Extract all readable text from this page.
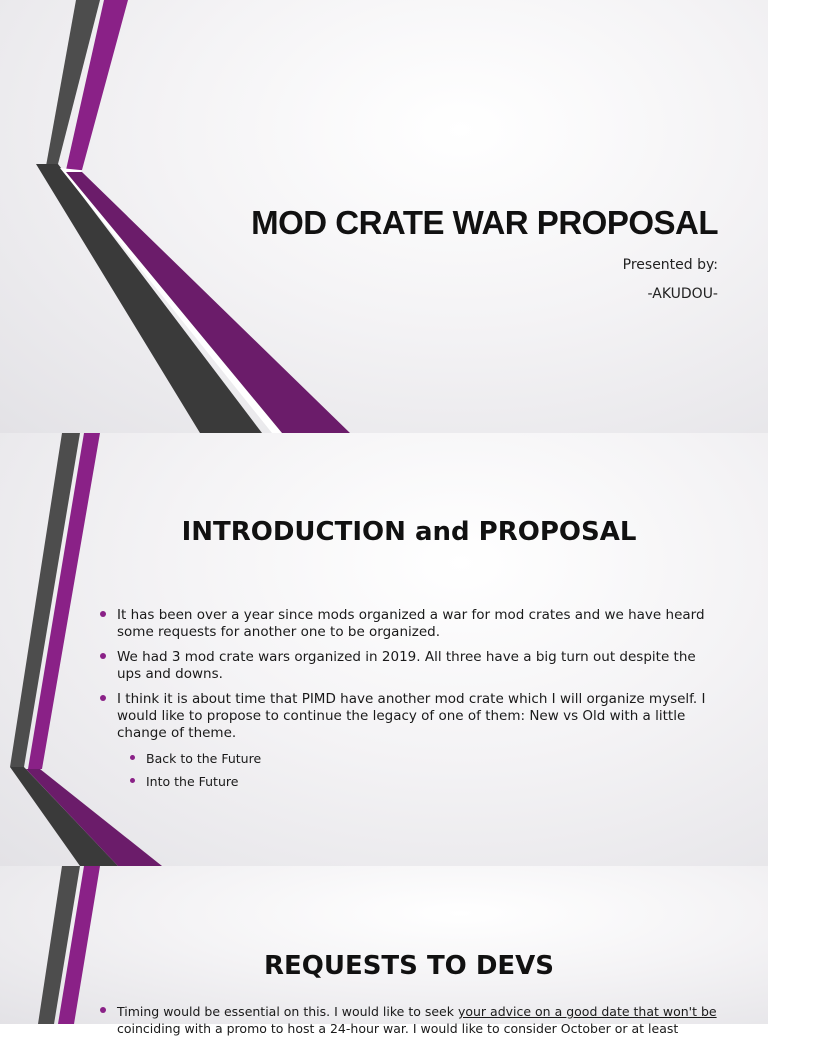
MOD CRATE WAR PROPOSAL
Presented by:
-AKUDOU-
INTRODUCTION and PROPOSAL
It has been over a year since mods organized a war for mod crates and we have heard some requests for another one to be organized.
We had 3 mod crate wars organized in 2019. All three have a big turn out despite the ups and downs.
I think it is about time that PIMD have another mod crate which I will organize myself. I would like to propose to continue the legacy of one of them: New vs Old with a little change of theme.
Back to the Future
Into the Future
REQUESTS TO DEVS
Timing would be essential on this. I would like to seek your advice on a good date that won't be
coinciding with a promo to host a 24-hour war. I would like to consider October or at least
